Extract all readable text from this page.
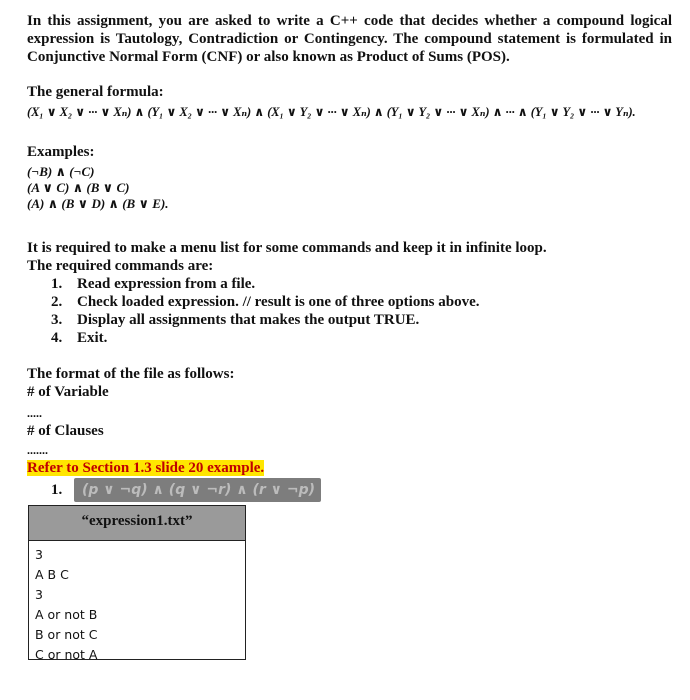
In this assignment, you are asked to write a C++ code that decides whether a compound logical expression is Tautology, Contradiction or Contingency. The compound statement is formulated in Conjunctive Normal Form (CNF) or also known as Product of Sums (POS).

The general formula:

(X₁ ∨ X₂ ∨ ··· ∨ Xₙ) ∧ (Y₁ ∨ X₂ ∨ ··· ∨ Xₙ) ∧ (X₁ ∨ Y₂ ∨ ··· ∨ Xₙ) ∧ (Y₁ ∨ Y₂ ∨ ··· ∨ Xₙ) ∧ ··· ∧ (Y₁ ∨ Y₂ ∨ ··· ∨ Yₙ).

Examples:

(¬B) ∧ (¬C)
(A ∨ C) ∧ (B ∨ C)
(A) ∧ (B ∨ D) ∧ (B ∨ E).

It is required to make a menu list for some commands and keep it in infinite loop.

The required commands are:

1. Read expression from a file.
2. Check loaded expression. // result is one of three options above.
3. Display all assignments that makes the output TRUE.
4. Exit.

The format of the file as follows:

# of Variable

.....

# of Clauses

.......

Refer to Section 1.3 slide 20 example.
1. (p ∨ ¬q) ∧ (q ∨ ¬r) ∧ (r ∨ ¬p)
“expression1.txt”
3
A B C
3
A or not B
B or not C
C or not A
